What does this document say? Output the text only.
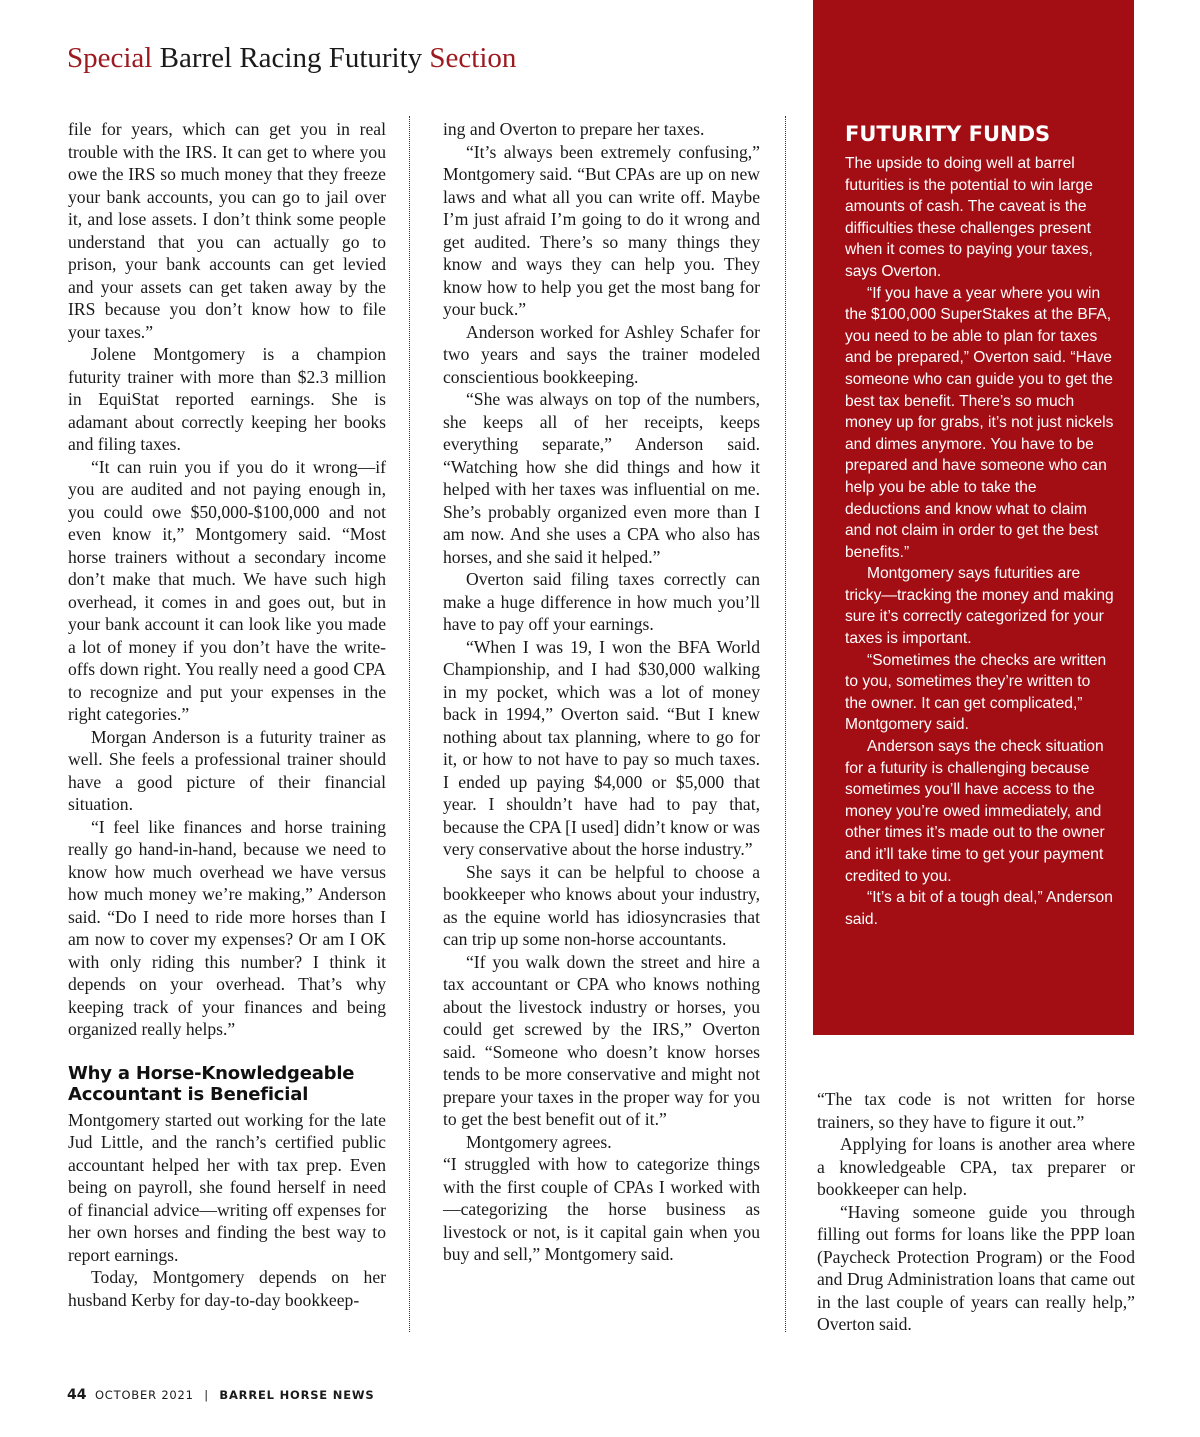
Special Barrel Racing Futurity Section

file for years, which can get you in real trouble with the IRS. It can get to where you owe the IRS so much money that they freeze your bank accounts, you can go to jail over it, and lose assets. I don’t think some people understand that you can actually go to prison, your bank accounts can get levied and your assets can get taken away by the IRS because you don’t know how to file your taxes.”

Jolene Montgomery is a champion futurity trainer with more than $2.3 million in EquiStat reported earnings. She is adamant about correctly keeping her books and filing taxes.

“It can ruin you if you do it wrong—if you are audited and not paying enough in, you could owe $50,000-$100,000 and not even know it,” Montgomery said. “Most horse trainers without a secondary income don’t make that much. We have such high overhead, it comes in and goes out, but in your bank account it can look like you made a lot of money if you don’t have the write-offs down right. You really need a good CPA to recognize and put your expenses in the right categories.”

Morgan Anderson is a futurity trainer as well. She feels a professional trainer should have a good picture of their financial situation.

“I feel like finances and horse training really go hand-in-hand, because we need to know how much overhead we have versus how much money we’re making,” Anderson said. “Do I need to ride more horses than I am now to cover my expenses? Or am I OK with only riding this number? I think it depends on your overhead. That’s why keeping track of your finances and being organized really helps.”

Why a Horse-Knowledgeable Accountant is Beneficial

Montgomery started out working for the late Jud Little, and the ranch’s certified public accountant helped her with tax prep. Even being on payroll, she found herself in need of financial advice—writing off expenses for her own horses and finding the best way to report earnings.

Today, Montgomery depends on her husband Kerby for day-to-day bookkeep-

ing and Overton to prepare her taxes.

“It’s always been extremely confusing,” Montgomery said. “But CPAs are up on new laws and what all you can write off. Maybe I’m just afraid I’m going to do it wrong and get audited. There’s so many things they know and ways they can help you. They know how to help you get the most bang for your buck.”

Anderson worked for Ashley Schafer for two years and says the trainer modeled conscientious bookkeeping.

“She was always on top of the numbers, she keeps all of her receipts, keeps everything separate,” Anderson said. “Watching how she did things and how it helped with her taxes was influential on me. She’s probably organized even more than I am now. And she uses a CPA who also has horses, and she said it helped.”

Overton said filing taxes correctly can make a huge difference in how much you’ll have to pay off your earnings.

“When I was 19, I won the BFA World Championship, and I had $30,000 walking in my pocket, which was a lot of money back in 1994,” Overton said. “But I knew nothing about tax planning, where to go for it, or how to not have to pay so much taxes. I ended up paying $4,000 or $5,000 that year. I shouldn’t have had to pay that, because the CPA [I used] didn’t know or was very conservative about the horse industry.”

She says it can be helpful to choose a bookkeeper who knows about your industry, as the equine world has idiosyncrasies that can trip up some non-horse accountants.

“If you walk down the street and hire a tax accountant or CPA who knows nothing about the livestock industry or horses, you could get screwed by the IRS,” Overton said. “Someone who doesn’t know horses tends to be more conservative and might not prepare your taxes in the proper way for you to get the best benefit out of it.”

Montgomery agrees.

“I struggled with how to categorize things with the first couple of CPAs I worked with—categorizing the horse business as livestock or not, is it capital gain when you buy and sell,” Montgomery said.

FUTURITY FUNDS

The upside to doing well at barrel futurities is the potential to win large amounts of cash. The caveat is the difficulties these challenges present when it comes to paying your taxes, says Overton.

“If you have a year where you win the $100,000 SuperStakes at the BFA, you need to be able to plan for taxes and be prepared,” Overton said. “Have someone who can guide you to get the best tax benefit. There’s so much money up for grabs, it’s not just nickels and dimes anymore. You have to be prepared and have someone who can help you be able to take the deductions and know what to claim and not claim in order to get the best benefits.”

Montgomery says futurities are tricky—tracking the money and making sure it’s correctly categorized for your taxes is important.

“Sometimes the checks are written to you, sometimes they’re written to the owner. It can get complicated,” Montgomery said.

Anderson says the check situation for a futurity is challenging because sometimes you’ll have access to the money you’re owed immediately, and other times it’s made out to the owner and it’ll take time to get your payment credited to you.

“It’s a bit of a tough deal,” Anderson said.

“The tax code is not written for horse trainers, so they have to figure it out.”

Applying for loans is another area where a knowledgeable CPA, tax preparer or bookkeeper can help.

“Having someone guide you through filling out forms for loans like the PPP loan (Paycheck Protection Program) or the Food and Drug Administration loans that came out in the last couple of years can really help,” Overton said.

44 OCTOBER 2021 | BARREL HORSE NEWS
